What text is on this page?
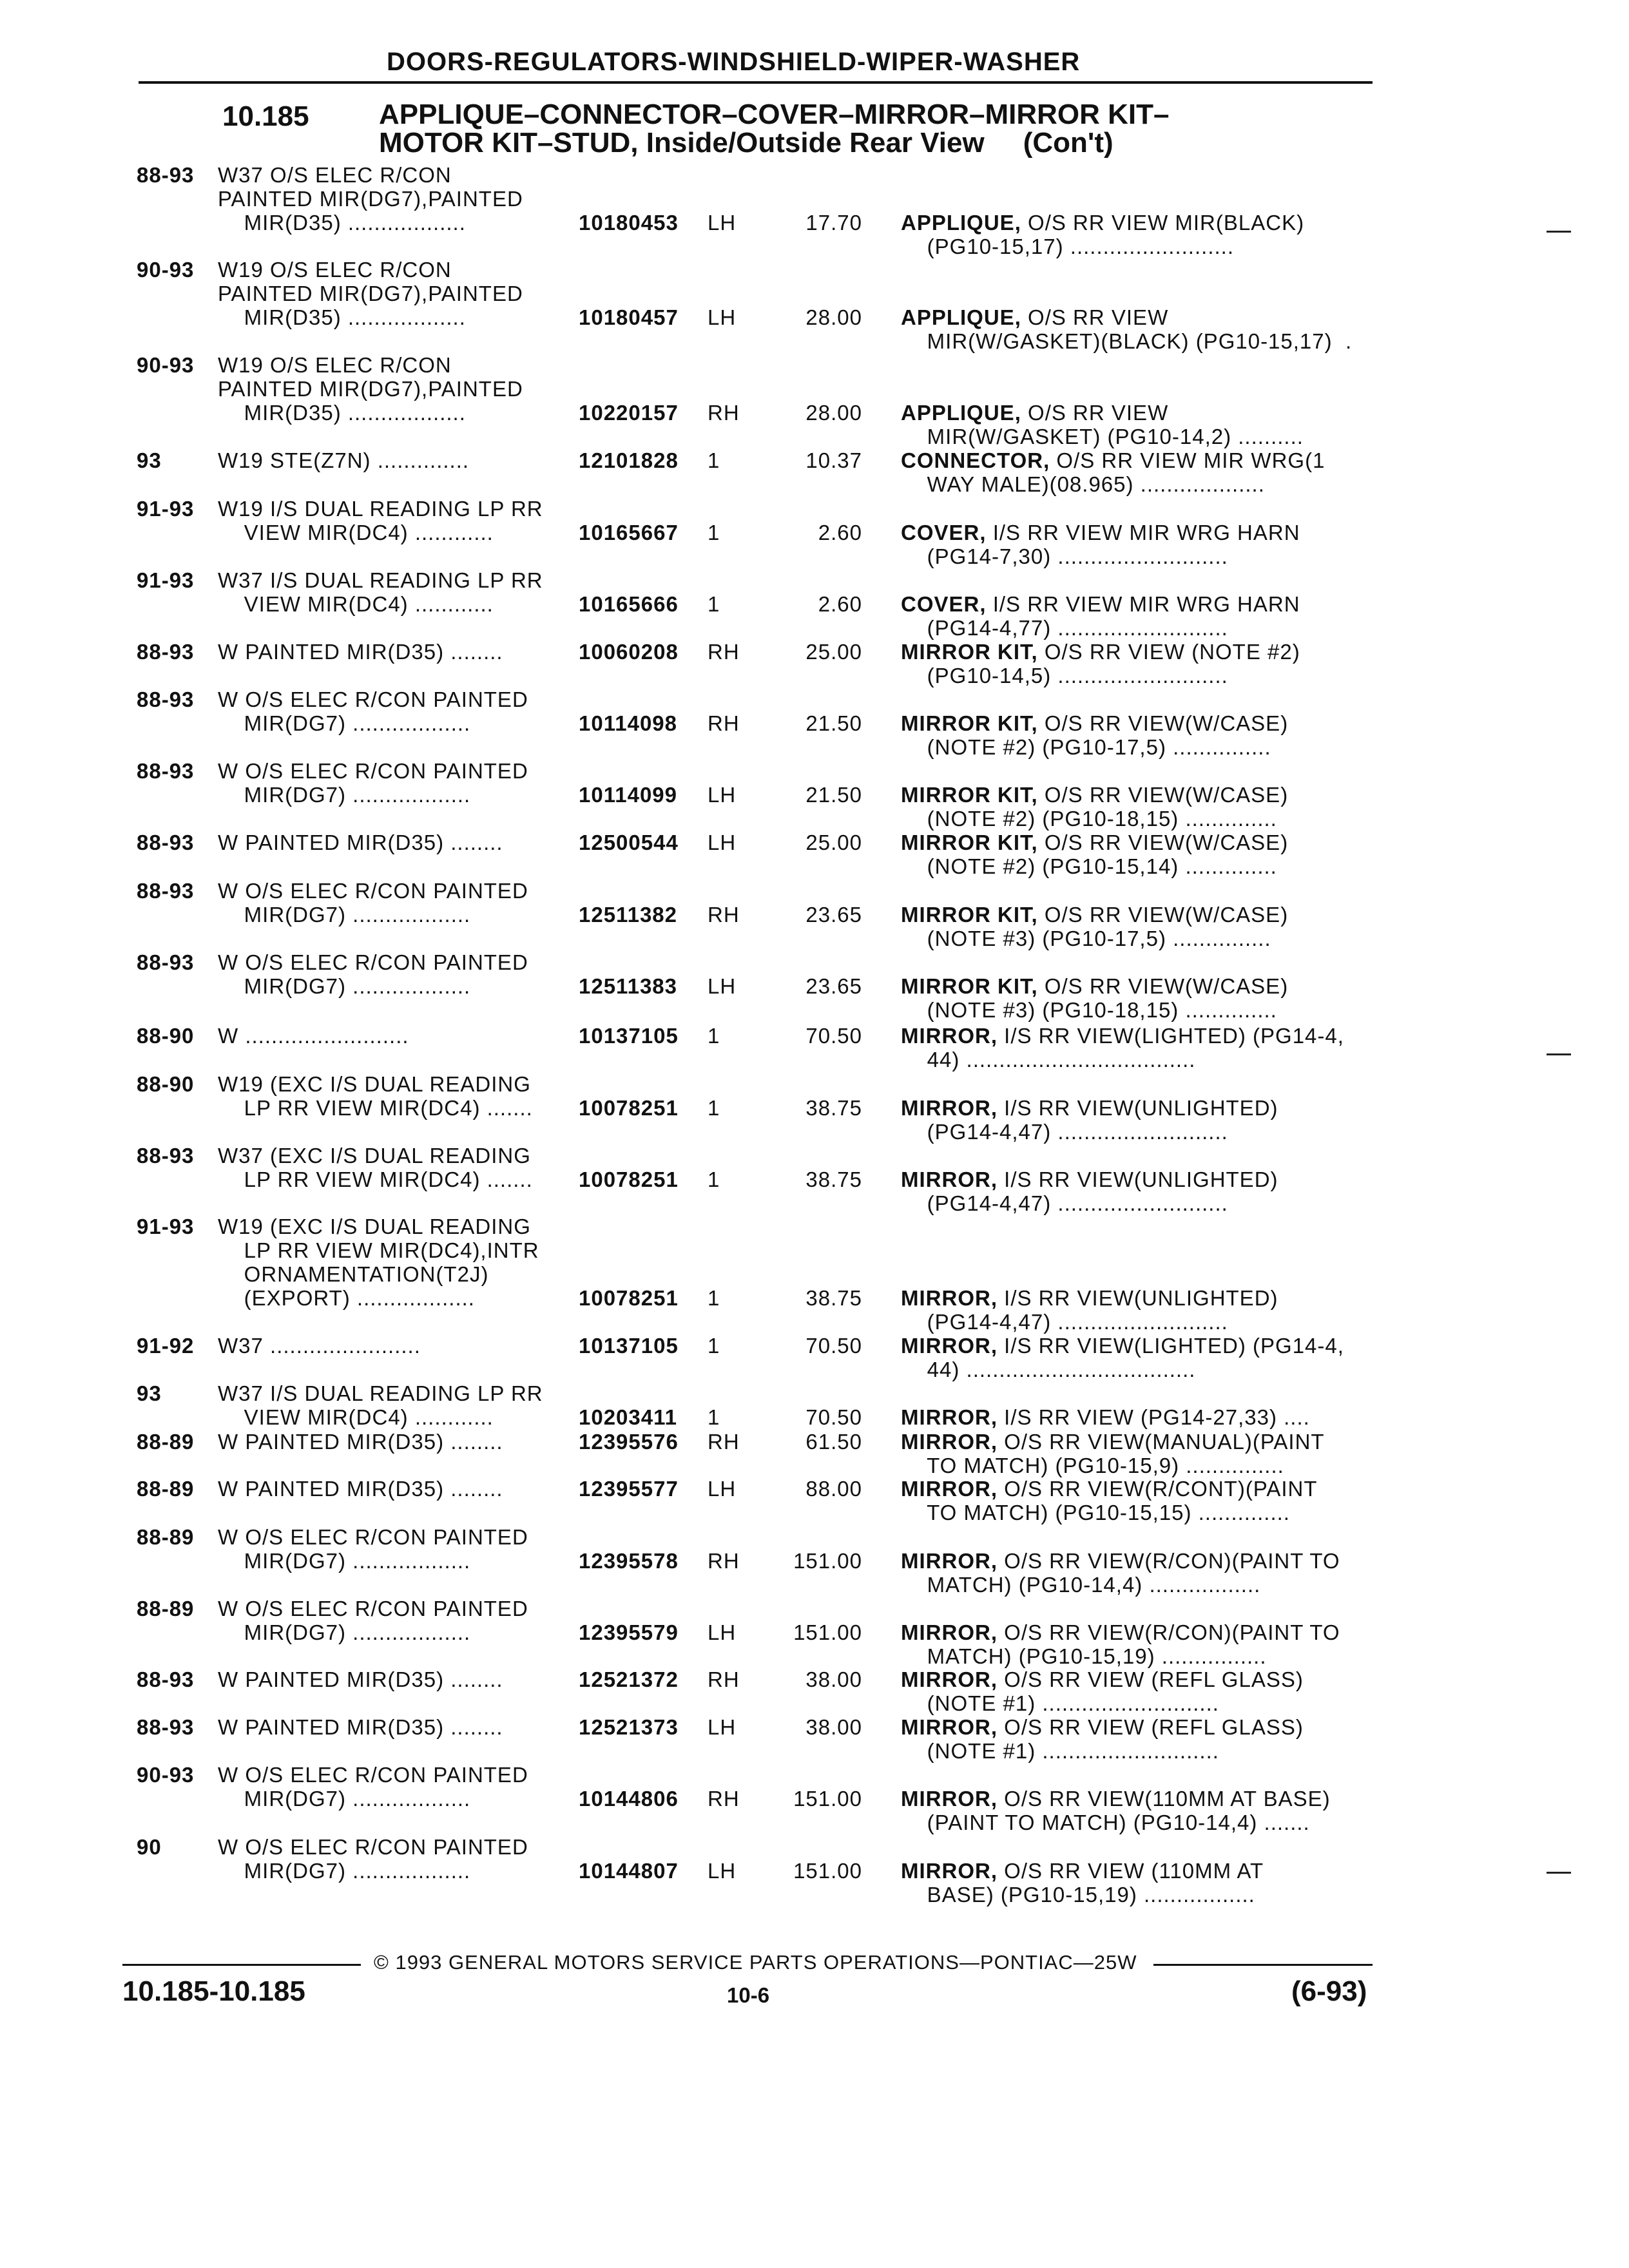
DOORS-REGULATORS-WINDSHIELD-WIPER-WASHER
10.185 APPLIQUE–CONNECTOR–COVER–MIRROR–MIRROR KIT–
MOTOR KIT–STUD, Inside/Outside Rear View (Con't)
88-93 W37 O/S ELEC R/CON
PAINTED MIR(DG7),PAINTED
MIR(D35) ..................	10180453 LH	17.70 APPLIQUE, O/S RR VIEW MIR(BLACK)
(PG10-15,17) .........................
90-93 W19 O/S ELEC R/CON
PAINTED MIR(DG7),PAINTED
MIR(D35) ..................	10180457 LH	28.00 APPLIQUE, O/S RR VIEW
MIR(W/GASKET)(BLACK) (PG10-15,17)  .
90-93 W19 O/S ELEC R/CON
PAINTED MIR(DG7),PAINTED
MIR(D35) ..................	10220157 RH	28.00 APPLIQUE, O/S RR VIEW
MIR(W/GASKET) (PG10-14,2) ..........
93	W19 STE(Z7N) ..............	12101828 1	10.37 CONNECTOR, O/S RR VIEW MIR WRG(1
WAY MALE)(08.965) ...................
91-93 W19 I/S DUAL READING LP RR
VIEW MIR(DC4) ............	10165667 1	2.60 COVER, I/S RR VIEW MIR WRG HARN
(PG14-7,30) ..........................
91-93 W37 I/S DUAL READING LP RR
VIEW MIR(DC4) ............	10165666 1	2.60 COVER, I/S RR VIEW MIR WRG HARN
(PG14-4,77) ..........................
88-93 W PAINTED MIR(D35) ........	10060208 RH	25.00 MIRROR KIT, O/S RR VIEW (NOTE #2)
(PG10-14,5) ..........................
88-93 W O/S ELEC R/CON PAINTED
MIR(DG7) ..................	10114098 RH	21.50 MIRROR KIT, O/S RR VIEW(W/CASE)
(NOTE #2) (PG10-17,5) ...............
88-93 W O/S ELEC R/CON PAINTED
MIR(DG7) ..................	10114099 LH	21.50 MIRROR KIT, O/S RR VIEW(W/CASE)
(NOTE #2) (PG10-18,15) ..............
88-93 W PAINTED MIR(D35) ........	12500544 LH	25.00 MIRROR KIT, O/S RR VIEW(W/CASE)
(NOTE #2) (PG10-15,14) ..............
88-93 W O/S ELEC R/CON PAINTED
MIR(DG7) ..................	12511382 RH	23.65 MIRROR KIT, O/S RR VIEW(W/CASE)
(NOTE #3) (PG10-17,5) ...............
88-93 W O/S ELEC R/CON PAINTED
MIR(DG7) ..................	12511383 LH	23.65 MIRROR KIT, O/S RR VIEW(W/CASE)
(NOTE #3) (PG10-18,15) ..............
88-90 W .........................	10137105 1	70.50 MIRROR, I/S RR VIEW(LIGHTED) (PG14-4,
44) ...................................
88-90 W19 (EXC I/S DUAL READING
LP RR VIEW MIR(DC4) ....... 10078251 1	38.75 MIRROR, I/S RR VIEW(UNLIGHTED)
(PG14-4,47) ..........................
88-93 W37 (EXC I/S DUAL READING
LP RR VIEW MIR(DC4) ....... 10078251 1	38.75 MIRROR, I/S RR VIEW(UNLIGHTED)
(PG14-4,47) ..........................
91-93 W19 (EXC I/S DUAL READING
LP RR VIEW MIR(DC4),INTR
ORNAMENTATION(T2J)
(EXPORT) ..................	10078251 1	38.75 MIRROR, I/S RR VIEW(UNLIGHTED)
(PG14-4,47) ..........................
91-92 W37 .......................	10137105 1	70.50 MIRROR, I/S RR VIEW(LIGHTED) (PG14-4,
44) ...................................
93	W37 I/S DUAL READING LP RR
VIEW MIR(DC4) ............	10203411 1	70.50 MIRROR, I/S RR VIEW (PG14-27,33) ....
88-89 W PAINTED MIR(D35) ........	12395576 RH	61.50 MIRROR, O/S RR VIEW(MANUAL)(PAINT
TO MATCH) (PG10-15,9) ...............
88-89 W PAINTED MIR(D35) ........	12395577 LH	88.00 MIRROR, O/S RR VIEW(R/CONT)(PAINT
TO MATCH) (PG10-15,15) ..............
88-89 W O/S ELEC R/CON PAINTED
MIR(DG7) ..................	12395578 RH	151.00 MIRROR, O/S RR VIEW(R/CON)(PAINT TO
MATCH) (PG10-14,4) .................
88-89 W O/S ELEC R/CON PAINTED
MIR(DG7) ..................	12395579 LH	151.00 MIRROR, O/S RR VIEW(R/CON)(PAINT TO
MATCH) (PG10-15,19) ................
88-93 W PAINTED MIR(D35) ........	12521372 RH	38.00 MIRROR, O/S RR VIEW (REFL GLASS)
(NOTE #1) ...........................
88-93 W PAINTED MIR(D35) ........	12521373 LH	38.00 MIRROR, O/S RR VIEW (REFL GLASS)
(NOTE #1) ...........................
90-93 W O/S ELEC R/CON PAINTED
MIR(DG7) ..................	10144806 RH	151.00 MIRROR, O/S RR VIEW(110MM AT BASE)
(PAINT TO MATCH) (PG10-14,4) .......
90	W O/S ELEC R/CON PAINTED
MIR(DG7) ..................	10144807 LH	151.00 MIRROR, O/S RR VIEW (110MM AT
BASE) (PG10-15,19) .................
© 1993 GENERAL MOTORS SERVICE PARTS OPERATIONS—PONTIAC—25W
10.185-10.185	10-6	(6-93)
